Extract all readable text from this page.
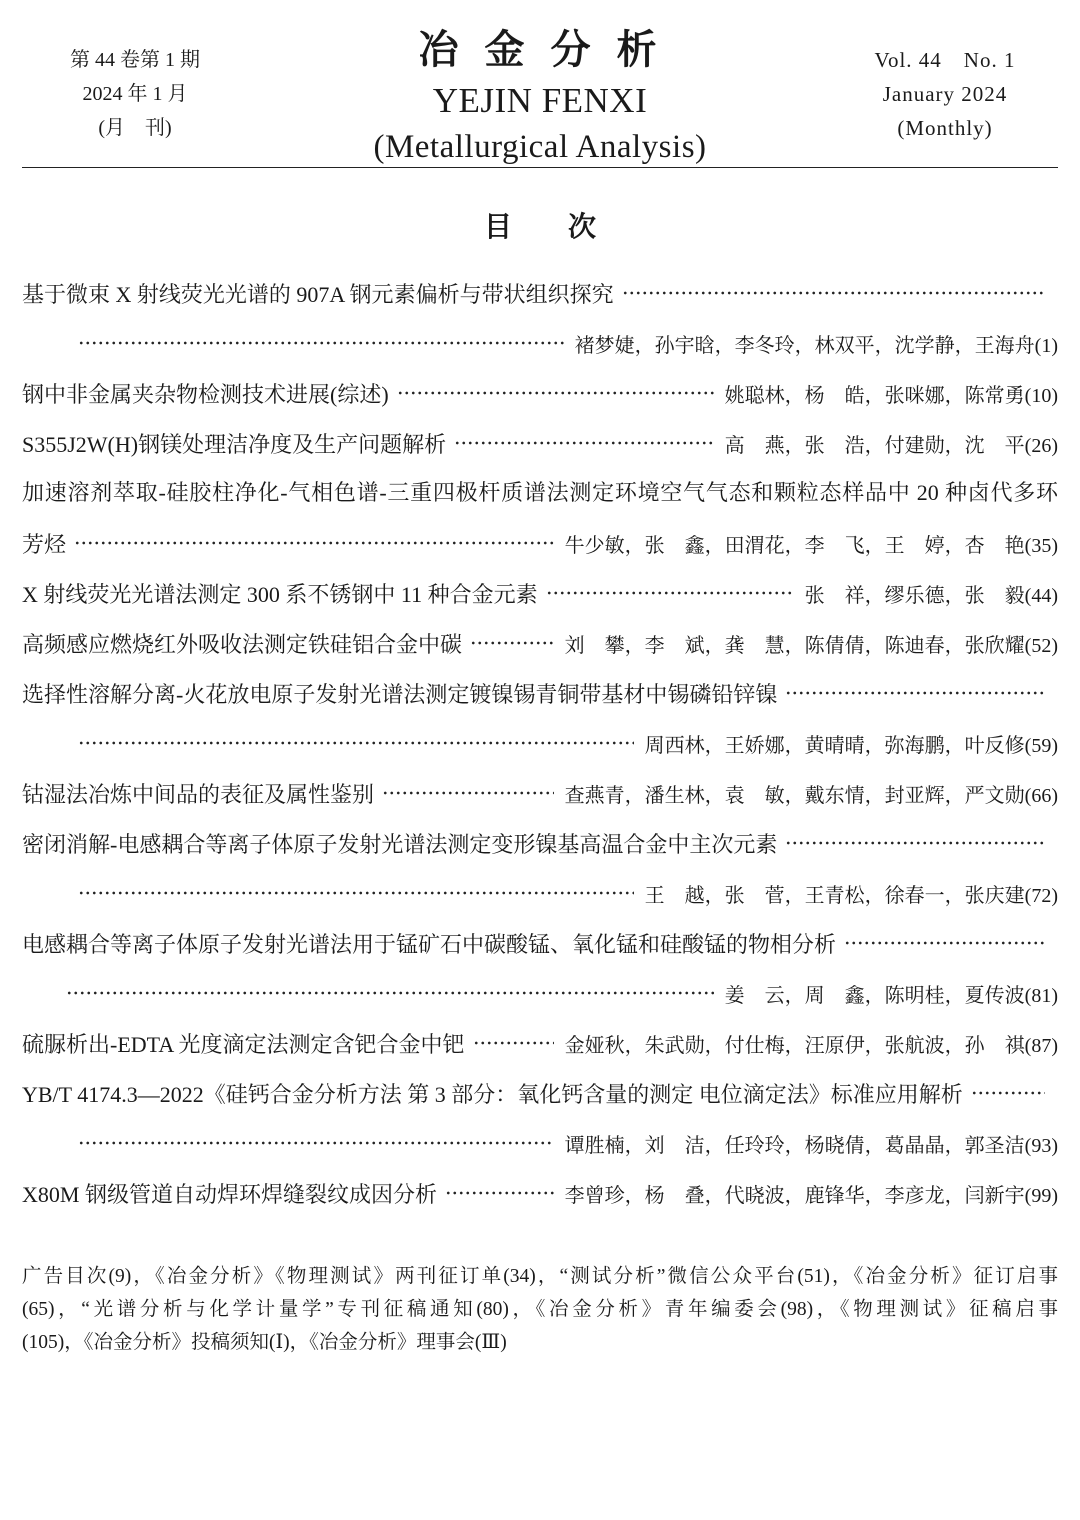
第 44 卷第 1 期
2024 年 1 月
(月　刊)
冶 金 分 析
YEJIN FENXI
(Metallurgical Analysis)
Vol. 44　No. 1
January 2024
(Monthly)
目　　次
基于微束 X 射线荧光光谱的 907A 钢元素偏析与带状组织探究
褚梦婕，孙宇晗，李冬玲，林双平，沈学静，王海舟(1)
钢中非金属夹杂物检测技术进展(综述)	姚聪林，杨　皓，张咪娜，陈常勇(10)
S355J2W(H)钢镁处理洁净度及生产问题解析	高　燕，张　浩，付建勋，沈　平(26)
加速溶剂萃取-硅胶柱净化-气相色谱-三重四极杆质谱法测定环境空气气态和颗粒态样品中 20 种卤代多环
芳烃	牛少敏，张　鑫，田渭花，李　飞，王　婷，杏　艳(35)
X 射线荧光光谱法测定 300 系不锈钢中 11 种合金元素	张　祥，缪乐德，张　毅(44)
高频感应燃烧红外吸收法测定铁硅铝合金中碳	刘　攀，李　斌，龚　慧，陈倩倩，陈迪春，张欣耀(52)
选择性溶解分离-火花放电原子发射光谱法测定镀镍锡青铜带基材中锡磷铅锌镍
周西林，王娇娜，黄晴晴，弥海鹏，叶反修(59)
钴湿法冶炼中间品的表征及属性鉴别	查燕青，潘生林，袁　敏，戴东情，封亚辉，严文勋(66)
密闭消解-电感耦合等离子体原子发射光谱法测定变形镍基高温合金中主次元素
王　越，张　菅，王青松，徐春一，张庆建(72)
电感耦合等离子体原子发射光谱法用于锰矿石中碳酸锰、氧化锰和硅酸锰的物相分析
姜　云，周　鑫，陈明桂，夏传波(81)
硫脲析出-EDTA 光度滴定法测定含钯合金中钯	金娅秋，朱武勋，付仕梅，汪原伊，张航波，孙　祺(87)
YB/T 4174.3—2022《硅钙合金分析方法 第 3 部分：氧化钙含量的测定 电位滴定法》标准应用解析
谭胜楠，刘　洁，任玲玲，杨晓倩，葛晶晶，郭圣洁(93)
X80M 钢级管道自动焊环焊缝裂纹成因分析	李曾珍，杨　叠，代晓波，鹿锋华，李彦龙，闫新宇(99)
广告目次(9)，《冶金分析》《物理测试》两刊征订单(34)，“测试分析”微信公众平台(51)，《冶金分析》征订启事
(65)，“光谱分析与化学计量学”专刊征稿通知(80)，《冶金分析》青年编委会(98)，《物理测试》征稿启事
(105)，《冶金分析》投稿须知(Ⅰ)，《冶金分析》理事会(Ⅲ)
